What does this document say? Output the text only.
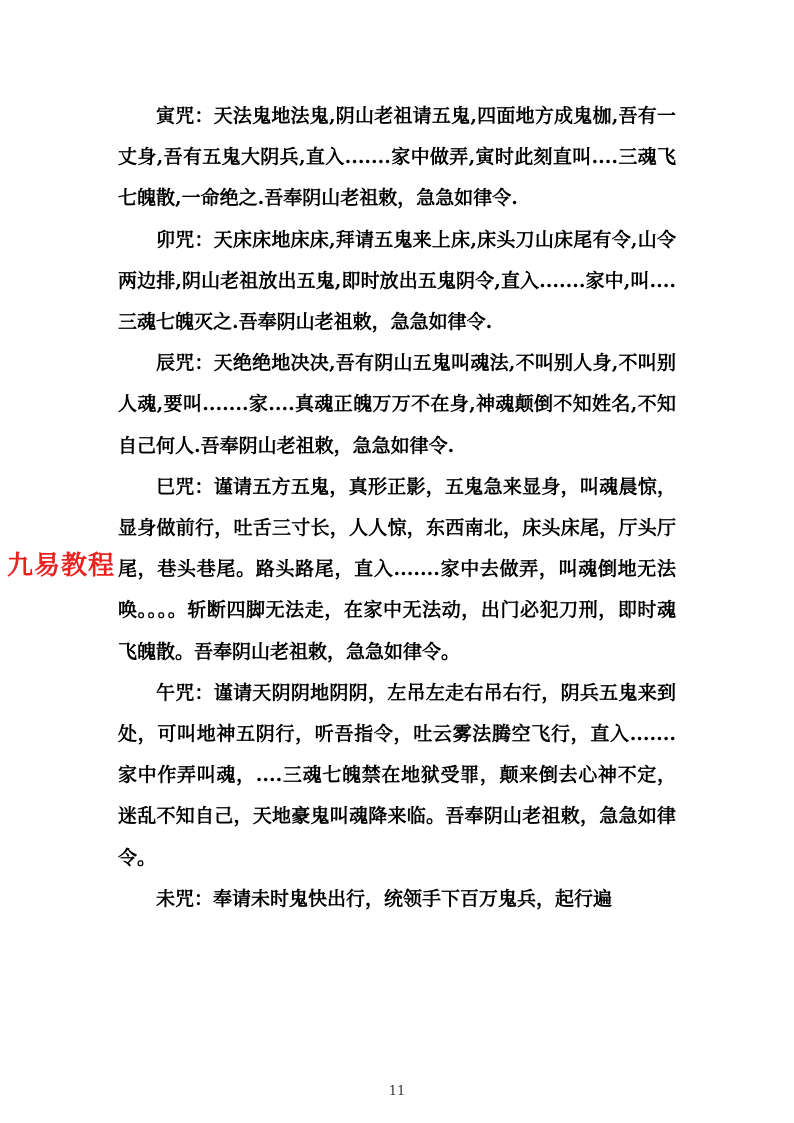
寅咒：天法鬼地法鬼,阴山老祖请五鬼,四面地方成鬼枷,吾有一丈身,吾有五鬼大阴兵,直入.......家中做弄,寅时此刻直叫....三魂飞七魄散,一命绝之.吾奉阴山老祖敕，急急如律令.

卯咒：天床床地床床,拜请五鬼来上床,床头刀山床尾有令,山令两边排,阴山老祖放出五鬼,即时放出五鬼阴令,直入.......家中,叫....三魂七魄灭之.吾奉阴山老祖敕，急急如律令.

辰咒：天绝绝地决决,吾有阴山五鬼叫魂法,不叫别人身,不叫别人魂,要叫.......家....真魂正魄万万不在身,神魂颠倒不知姓名,不知自己何人.吾奉阴山老祖敕，急急如律令.

巳咒：谨请五方五鬼，真形正影，五鬼急来显身，叫魂晨惊，显身做前行，吐舌三寸长，人人惊，东西南北，床头床尾，厅头厅尾，巷头巷尾。路头路尾，直入.......家中去做弄，叫魂倒地无法唤。。。。斩断四脚无法走，在家中无法动，出门必犯刀刑，即时魂飞魄散。吾奉阴山老祖敕，急急如律令。

午咒：谨请天阴阴地阴阴，左吊左走右吊右行，阴兵五鬼来到处，可叫地神五阴行，听吾指令，吐云雾法腾空飞行，直入.......家中作弄叫魂，....三魂七魄禁在地狱受罪，颠来倒去心神不定，迷乱不知自己，天地豪鬼叫魂降来临。吾奉阴山老祖敕，急急如律令。

未咒：奉请未时鬼快出行，统领手下百万鬼兵，起行遍

九易教程
11
